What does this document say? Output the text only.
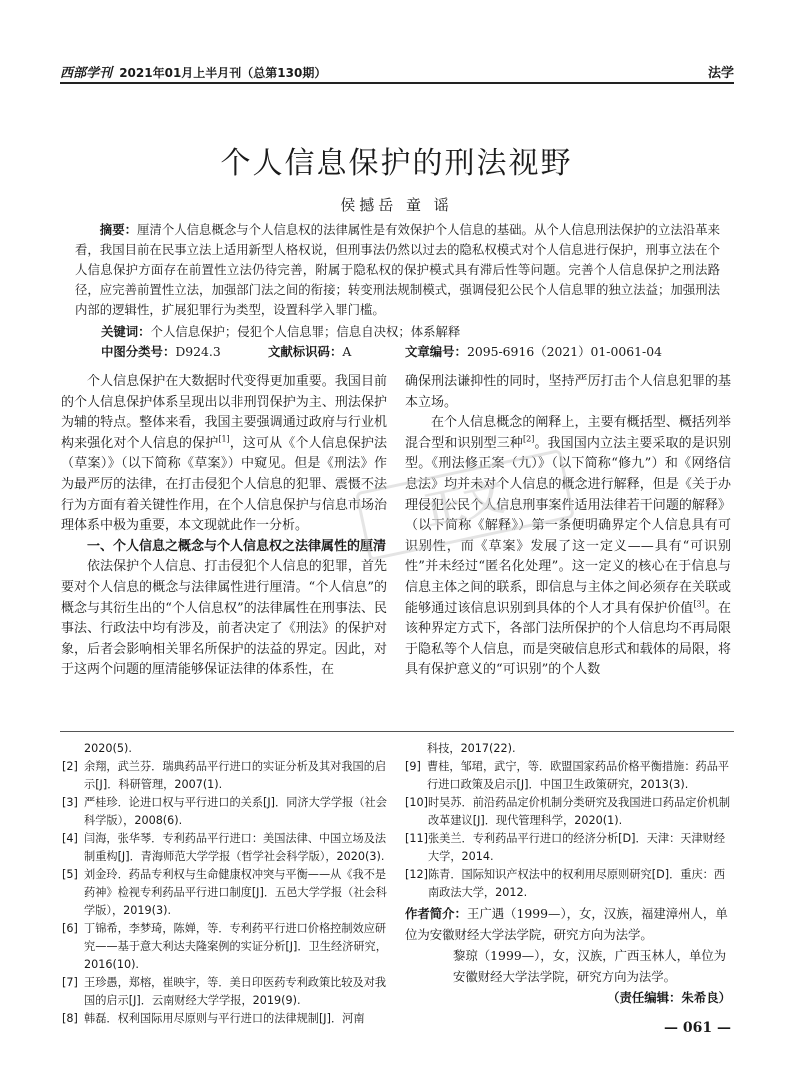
西部学刊 2021年01月上半月刊（总第130期）	法学
个人信息保护的刑法视野
侯撼岳 童 谣
摘要：厘清个人信息概念与个人信息权的法律属性是有效保护个人信息的基础。从个人信息刑法保护的立法沿革来看，我国目前在民事立法上适用新型人格权说，但刑事法仍然以过去的隐私权模式对个人信息进行保护，刑事立法在个人信息保护方面存在前置性立法仍待完善，附属于隐私权的保护模式具有滞后性等问题。完善个人信息保护之刑法路径，应完善前置性立法，加强部门法之间的衔接；转变刑法规制模式，强调侵犯公民个人信息罪的独立法益；加强刑法内部的逻辑性，扩展犯罪行为类型，设置科学入罪门槛。
关键词：个人信息保护；侵犯个人信息罪；信息自决权；体系解释
中图分类号：D924.3	文献标识码：A	文章编号：2095-6916（2021）01-0061-04

个人信息保护在大数据时代变得更加重要。我国目前的个人信息保护体系呈现出以非刑罚保护为主、刑法保护为辅的特点。整体来看，我国主要强调通过政府与行业机构来强化对个人信息的保护[1]，这可从《个人信息保护法（草案）》（以下简称《草案》）中窥见。但是《刑法》作为最严厉的法律，在打击侵犯个人信息的犯罪、震慑不法行为方面有着关键性作用，在个人信息保护与信息市场治理体系中极为重要，本文现就此作一分析。

一、个人信息之概念与个人信息权之法律属性的厘清

依法保护个人信息、打击侵犯个人信息的犯罪，首先要对个人信息的概念与法律属性进行厘清。“个人信息”的概念与其衍生出的“个人信息权”的法律属性在刑事法、民事法、行政法中均有涉及，前者决定了《刑法》的保护对象，后者会影响相关罪名所保护的法益的界定。因此，对于这两个问题的厘清能够保证法律的体系性，在

确保刑法谦抑性的同时，坚持严厉打击个人信息犯罪的基本立场。

在个人信息概念的阐释上，主要有概括型、概括列举混合型和识别型三种[2]。我国国内立法主要采取的是识别型。《刑法修正案（九）》（以下简称“修九”）和《网络信息法》均并未对个人信息的概念进行解释，但是《关于办理侵犯公民个人信息刑事案件适用法律若干问题的解释》（以下简称《解释》）第一条便明确界定个人信息具有可识别性，而《草案》发展了这一定义——具有“可识别性”并未经过“匿名化处理”。这一定义的核心在于信息与信息主体之间的联系，即信息与主体之间必须存在关联或能够通过该信息识别到具体的个人才具有保护价值[3]。在该种界定方式下，各部门法所保护的个人信息均不再局限于隐私等个人信息，而是突破信息形式和载体的局限，将具有保护意义的“可识别”的个人数

正文
2020(5).
[2] 余翔，武兰芬．瑞典药品平行进口的实证分析及其对我国的启示[J]．科研管理，2007(1).
[3] 严桂珍．论进口权与平行进口的关系[J]．同济大学学报（社会科学版），2008(6).
[4] 闫海，张华琴．专利药品平行进口：美国法律、中国立场及法制重构[J]．青海师范大学学报（哲学社会科学版），2020(3).
[5] 刘金玲．药品专利权与生命健康权冲突与平衡——从《我不是药神》检视专利药品平行进口制度[J]．五邑大学学报（社会科学版），2019(3).
[6] 丁锦希，李梦琦，陈婵，等．专利药平行进口价格控制效应研究——基于意大利达夫隆案例的实证分析[J]．卫生经济研究，2016(10).
[7] 王珍愚，郑榕，崔映宇，等．美日印医药专利政策比较及对我国的启示[J]．云南财经大学学报，2019(9).
[8] 韩磊．权利国际用尽原则与平行进口的法律规制[J]．河南
科技，2017(22).
[9] 曹桂，邹珺，武宁，等．欧盟国家药品价格平衡措施：药品平行进口政策及启示[J]．中国卫生政策研究，2013(3).
[10] 时吴苏．前沿药品定价机制分类研究及我国进口药品定价机制改革建议[J]．现代管理科学，2020(1).
[11] 张美兰．专利药品平行进口的经济分析[D]．天津：天津财经大学，2014.
[12] 陈青．国际知识产权法中的权利用尽原则研究[D]．重庆：西南政法大学，2012.
作者简介：王广遇（1999—），女，汉族，福建漳州人，单位为安徽财经大学法学院，研究方向为法学。
黎琼（1999—），女，汉族，广西玉林人，单位为安徽财经大学法学院，研究方向为法学。
（责任编辑：朱希良）
— 061 —
